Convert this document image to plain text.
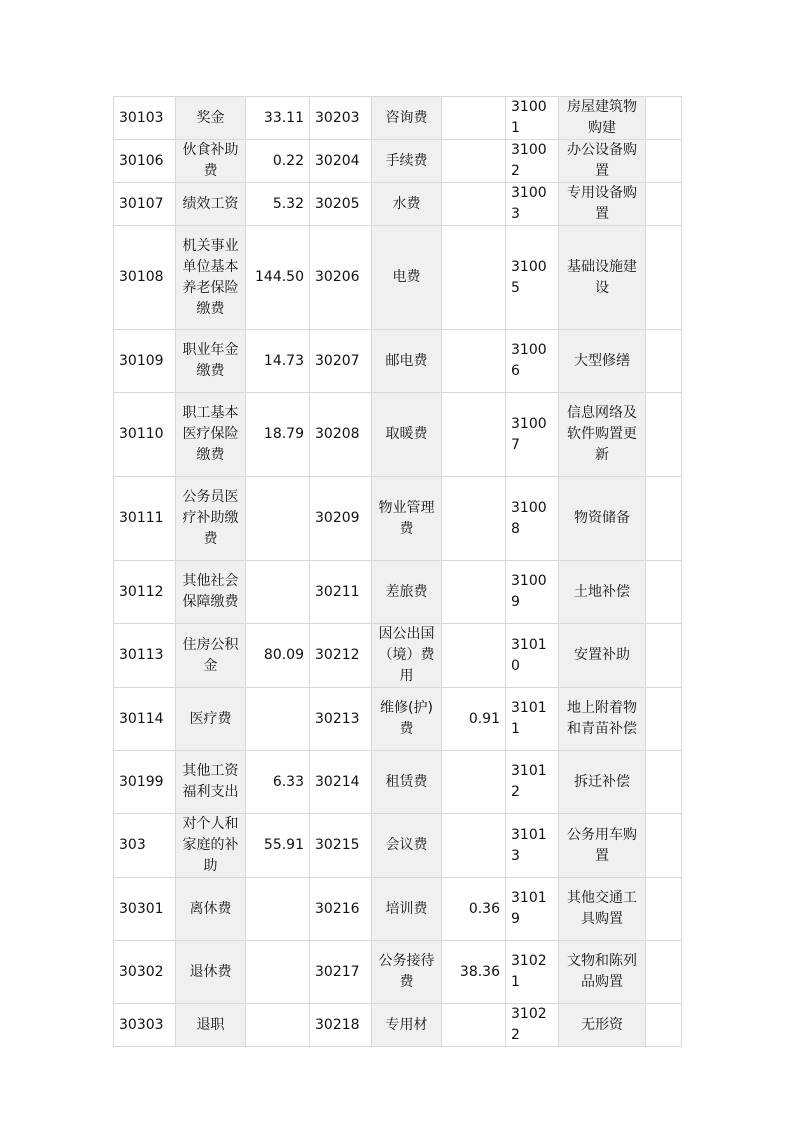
30103	奖金	33.11	30203	咨询费		31001	房屋建筑物购建	
30106	伙食补助费	0.22	30204	手续费		31002	办公设备购置	
30107	绩效工资	5.32	30205	水费		31003	专用设备购置	
30108	机关事业单位基本养老保险缴费	144.50	30206	电费		31005	基础设施建设	
30109	职业年金缴费	14.73	30207	邮电费		31006	大型修缮	
30110	职工基本医疗保险缴费	18.79	30208	取暖费		31007	信息网络及软件购置更新	
30111	公务员医疗补助缴费		30209	物业管理费		31008	物资储备	
30112	其他社会保障缴费		30211	差旅费		31009	土地补偿	
30113	住房公积金	80.09	30212	因公出国（境）费用		31010	安置补助	
30114	医疗费		30213	维修(护)费	0.91	31011	地上附着物和青苗补偿	
30199	其他工资福利支出	6.33	30214	租赁费		31012	拆迁补偿	
303	对个人和家庭的补助	55.91	30215	会议费		31013	公务用车购置	
30301	离休费		30216	培训费	0.36	31019	其他交通工具购置	
30302	退休费		30217	公务接待费	38.36	31021	文物和陈列品购置	
30303	退职		30218	专用材		31022	无形资	
